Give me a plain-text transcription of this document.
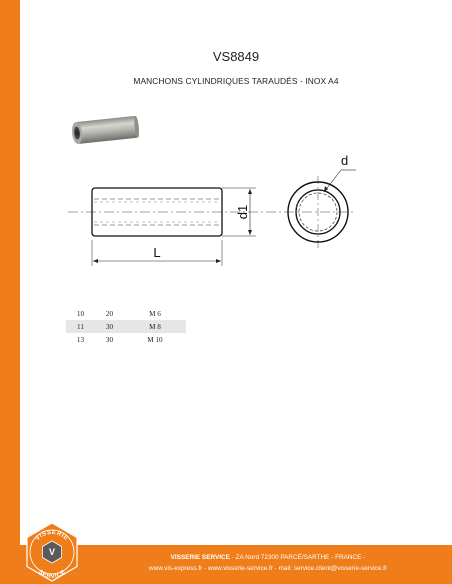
VS8849
MANCHONS CYLINDRIQUES TARAUDÉS - INOX A4
d
d1
L
10	20	M 6
11	30	M 8
13	30	M 10
V
VISSERIE
SERVICE
VISSERIE SERVICE - ZA Nord 72300 PARCÉ/SARTHE - FRANCE -
www.vis-express.fr - www.visserie-service.fr - mail: service.client@visserie-service.fr
